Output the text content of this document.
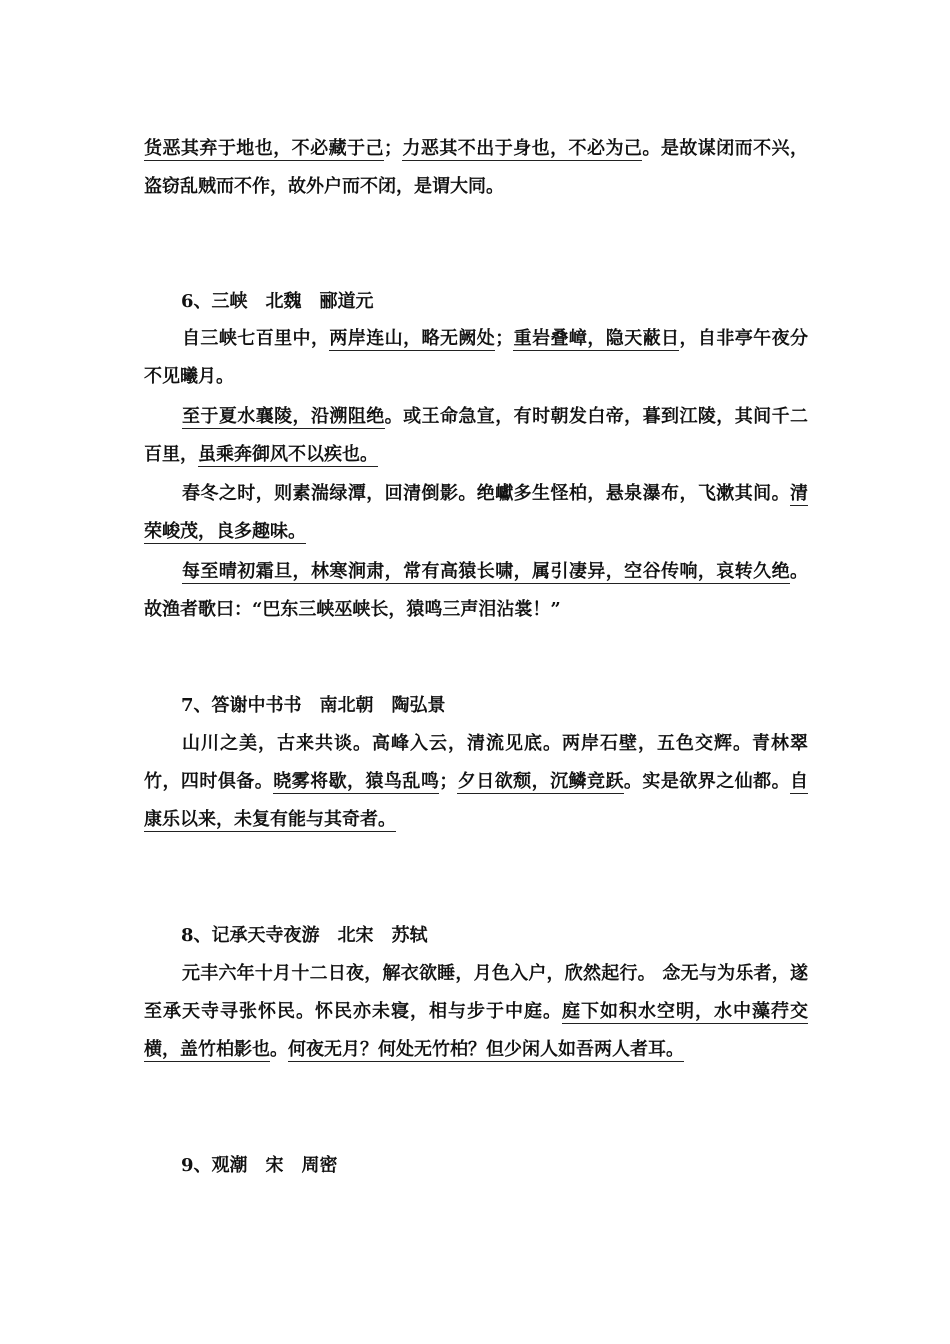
货恶其弃于地也，不必藏于己；力恶其不出于身也，不必为己。是故谋闭而不兴，盗窃乱贼而不作，故外户而不闭，是谓大同。

6、三峡　北魏　郦道元

自三峡七百里中，两岸连山，略无阙处；重岩叠嶂，隐天蔽日，自非亭午夜分不见曦月。

至于夏水襄陵，沿溯阻绝。或王命急宣，有时朝发白帝，暮到江陵，其间千二百里，虽乘奔御风不以疾也。

春冬之时，则素湍绿潭，回清倒影。绝巘多生怪柏，悬泉瀑布，飞漱其间。清荣峻茂，良多趣味。

每至晴初霜旦，林寒涧肃，常有高猿长啸，属引凄异，空谷传响，哀转久绝。故渔者歌曰：“巴东三峡巫峡长，猿鸣三声泪沾裳！”

7、答谢中书书　南北朝　陶弘景

山川之美，古来共谈。高峰入云，清流见底。两岸石壁，五色交辉。青林翠竹，四时俱备。晓雾将歇，猿鸟乱鸣；夕日欲颓，沉鳞竞跃。实是欲界之仙都。自康乐以来，未复有能与其奇者。

8、记承天寺夜游　北宋　苏轼

元丰六年十月十二日夜，解衣欲睡，月色入户，欣然起行。 念无与为乐者，遂至承天寺寻张怀民。怀民亦未寝，相与步于中庭。庭下如积水空明，水中藻荇交横，盖竹柏影也。何夜无月？何处无竹柏？但少闲人如吾两人者耳。

9、观潮　宋　周密
